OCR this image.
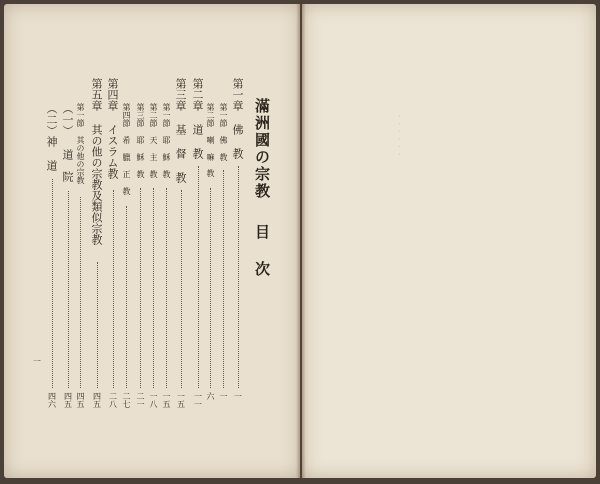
· · · · · ·
滿洲國の宗教
目 次
第一章 佛 教
一
第一節 佛 教
一
第二節 喇 嘛　教
六
第二章 道 教
一一
第三章 基 督 教
一五
第一節 耶 穌 教
一五
第二節 天 主 教
一八
第三節 耶 穌 教
二一
第四節 希 臘 正 教
二七
第四章 イスラム教
二八
第五章 其の他の宗教及類似宗教
四五
第一節 其の他の宗教
四五
（一） 道　院
四五
（二）神 道
四六
一
